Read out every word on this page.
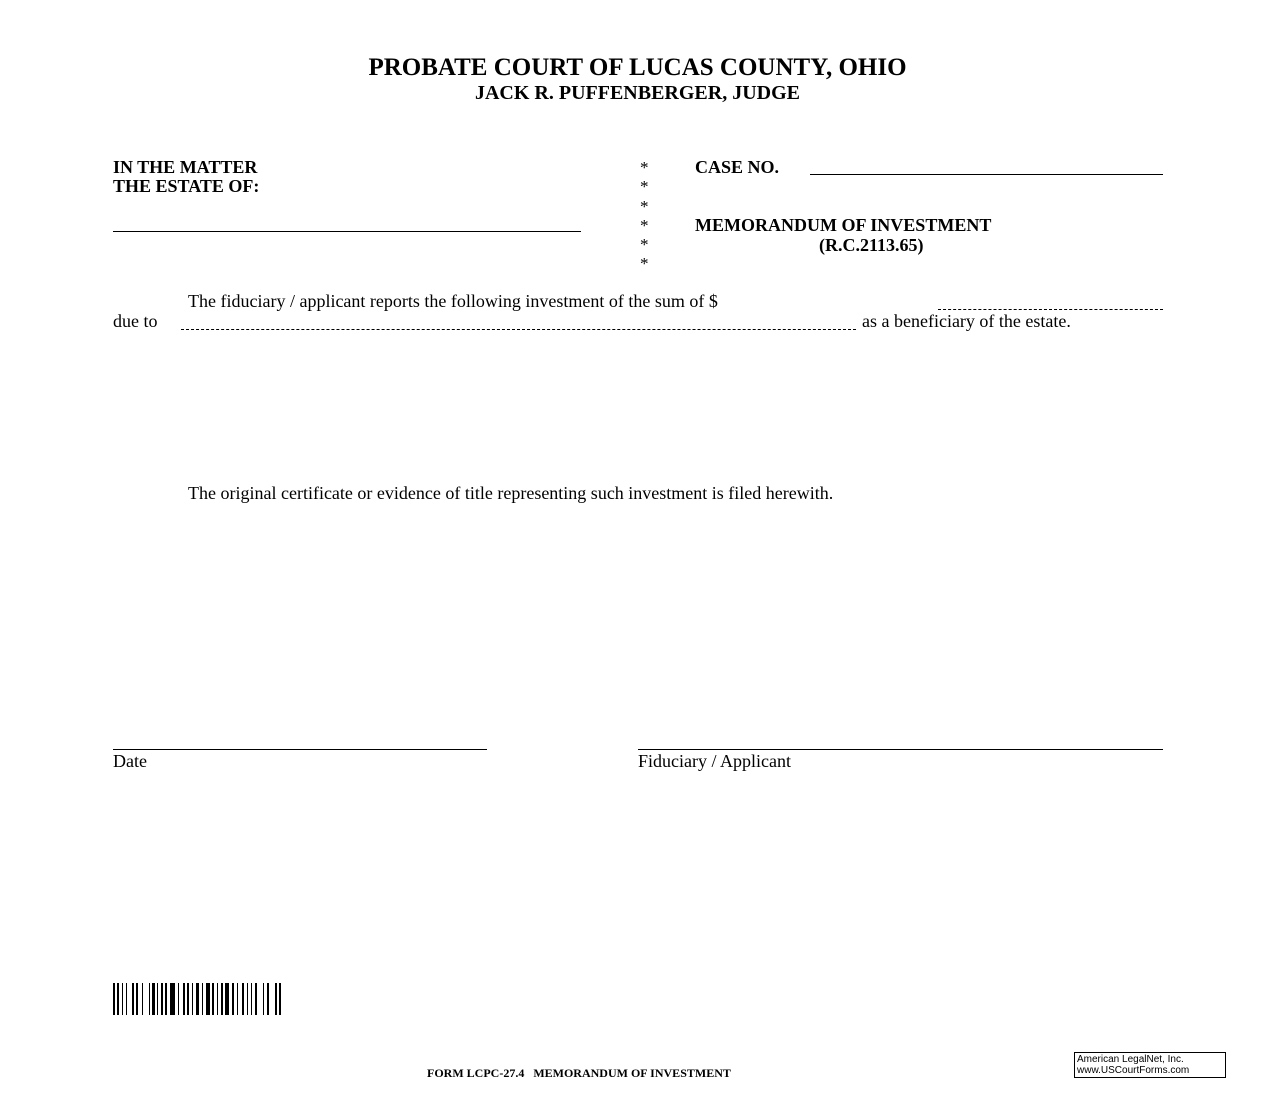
PROBATE COURT OF LUCAS COUNTY, OHIO
JACK R. PUFFENBERGER, JUDGE
IN THE MATTER
THE ESTATE OF:
*
*
*
*
*
*
CASE NO.
MEMORANDUM OF INVESTMENT
(R.C.2113.65)
The fiduciary / applicant reports the following investment of the sum of $
due to	as a beneficiary of the estate.
The original certificate or evidence of title representing such investment is filed herewith.
Date	Fiduciary / Applicant
FORM LCPC-27.4   MEMORANDUM OF INVESTMENT
American LegalNet, Inc.
www.USCourtForms.com
